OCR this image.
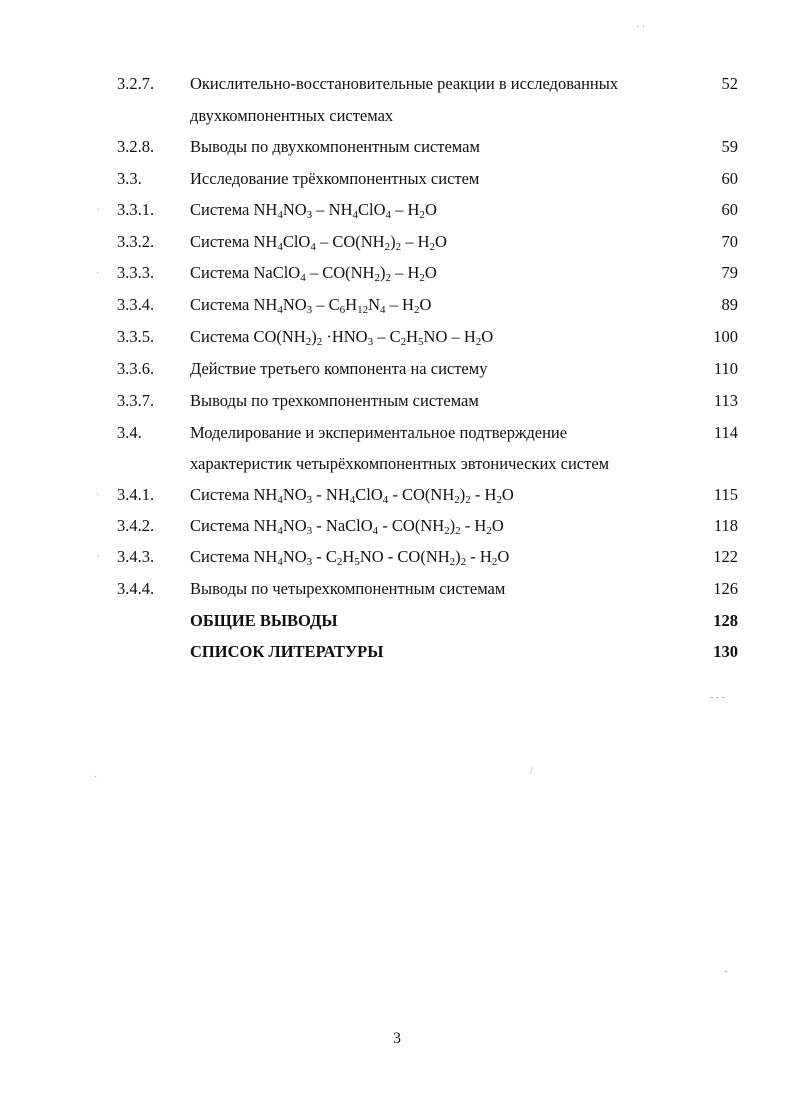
3.2.7. Окислительно-восстановительные реакции в исследованных	52
двухкомпонентных системах
3.2.8. Выводы по двухкомпонентным системам	59
3.3.	Исследование трёхкомпонентных систем	60
3.3.1. Система $NH_4NO_3 - NH_4ClO_4 - H_2O$	60
3.3.2. Система $NH_4ClO_4 - CO(NH_2)_2 - H_2O$	70
3.3.3. Система NaClO$_4$ – $CO(NH_2)_2 - H_2O$	79
3.3.4. Система $NH_4NO_3 - C_6H_{12}N_4 - H_2O$	89
3.3.5. Система $CO(NH_2)_2 \cdot HNO_3 - C_2H_5NO - H_2O$	100
3.3.6. Действие третьего компонента на систему	110
3.3.7. Выводы по трехкомпонентным системам	113
3.4.	Моделирование и экспериментальное подтверждение	114
характеристик четырёхкомпонентных эвтонических систем
3.4.1. Система $NH_4NO_3 - NH_4ClO_4 - CO(NH_2)_2 - H_2O$	115
3.4.2. Система $NH_4NO_3$ - NaClO$_4$ - $CO(NH_2)_2 - H_2O$	118
3.4.3. Система $NH_4NO_3 - C_2H_5NO - CO(NH_2)_2 - H_2O$	122
3.4.4. Выводы по четырехкомпонентным системам	126
ОБЩИЕ ВЫВОДЫ	128
СПИСОК ЛИТЕРАТУРЫ	130
3
· ·
·
·
·
·
- - -
/
·
-
